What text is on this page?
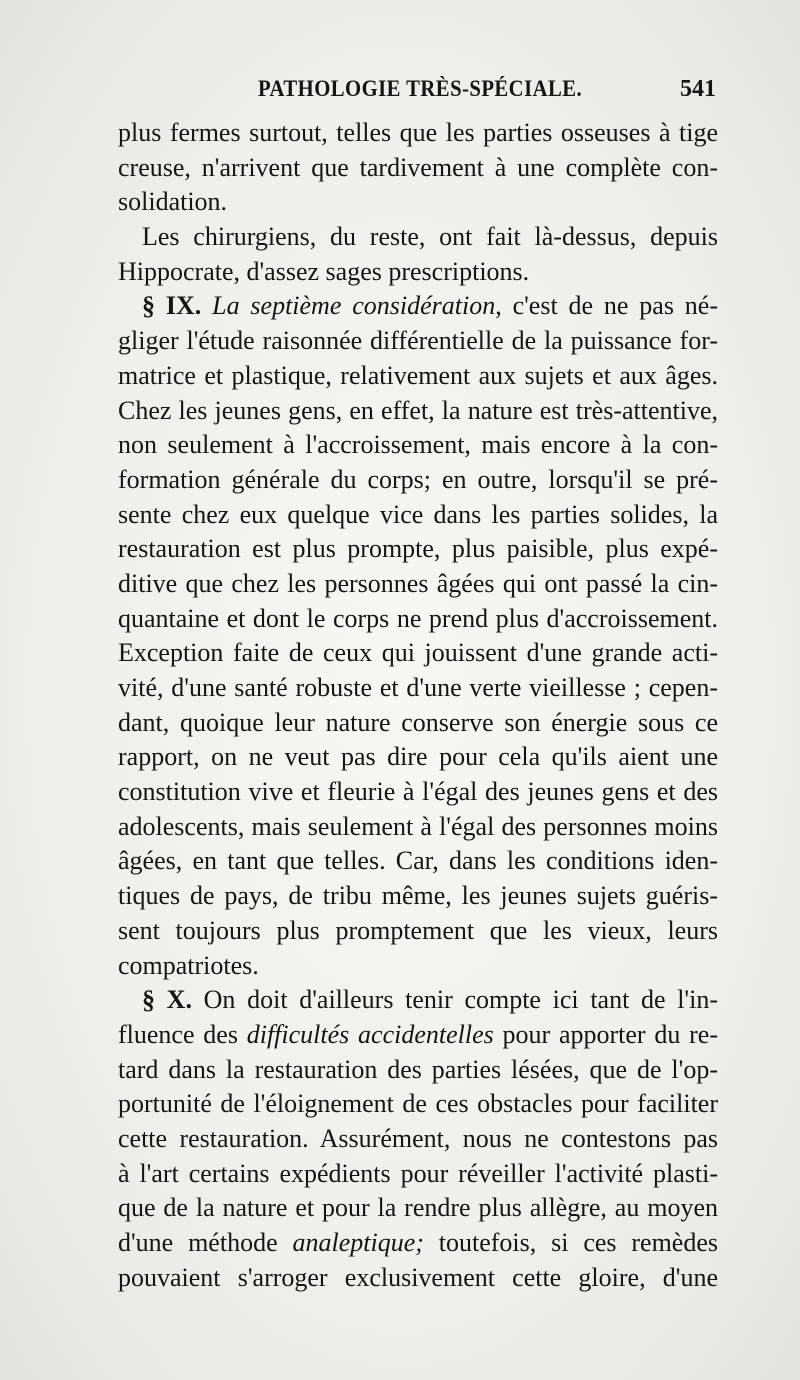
PATHOLOGIE TRÈS-SPÉCIALE.	541
plus fermes surtout, telles que les parties osseuses à tige
creuse, n'arrivent que tardivement à une complète con-
solidation.
Les chirurgiens, du reste, ont fait là-dessus, depuis
Hippocrate, d'assez sages prescriptions.
§ IX. La septième considération, c'est de ne pas né-
gliger l'étude raisonnée différentielle de la puissance for-
matrice et plastique, relativement aux sujets et aux âges.
Chez les jeunes gens, en effet, la nature est très-attentive,
non seulement à l'accroissement, mais encore à la con-
formation générale du corps; en outre, lorsqu'il se pré-
sente chez eux quelque vice dans les parties solides, la
restauration est plus prompte, plus paisible, plus expé-
ditive que chez les personnes âgées qui ont passé la cin-
quantaine et dont le corps ne prend plus d'accroissement.
Exception faite de ceux qui jouissent d'une grande acti-
vité, d'une santé robuste et d'une verte vieillesse ; cepen-
dant, quoique leur nature conserve son énergie sous ce
rapport, on ne veut pas dire pour cela qu'ils aient une
constitution vive et fleurie à l'égal des jeunes gens et des
adolescents, mais seulement à l'égal des personnes moins
âgées, en tant que telles. Car, dans les conditions iden-
tiques de pays, de tribu même, les jeunes sujets guéris-
sent toujours plus promptement que les vieux, leurs
compatriotes.
§ X. On doit d'ailleurs tenir compte ici tant de l'in-
fluence des difficultés accidentelles pour apporter du re-
tard dans la restauration des parties lésées, que de l'op-
portunité de l'éloignement de ces obstacles pour faciliter
cette restauration. Assurément, nous ne contestons pas
à l'art certains expédients pour réveiller l'activité plasti-
que de la nature et pour la rendre plus allègre, au moyen
d'une méthode analeptique; toutefois, si ces remèdes
pouvaient s'arroger exclusivement cette gloire, d'une
